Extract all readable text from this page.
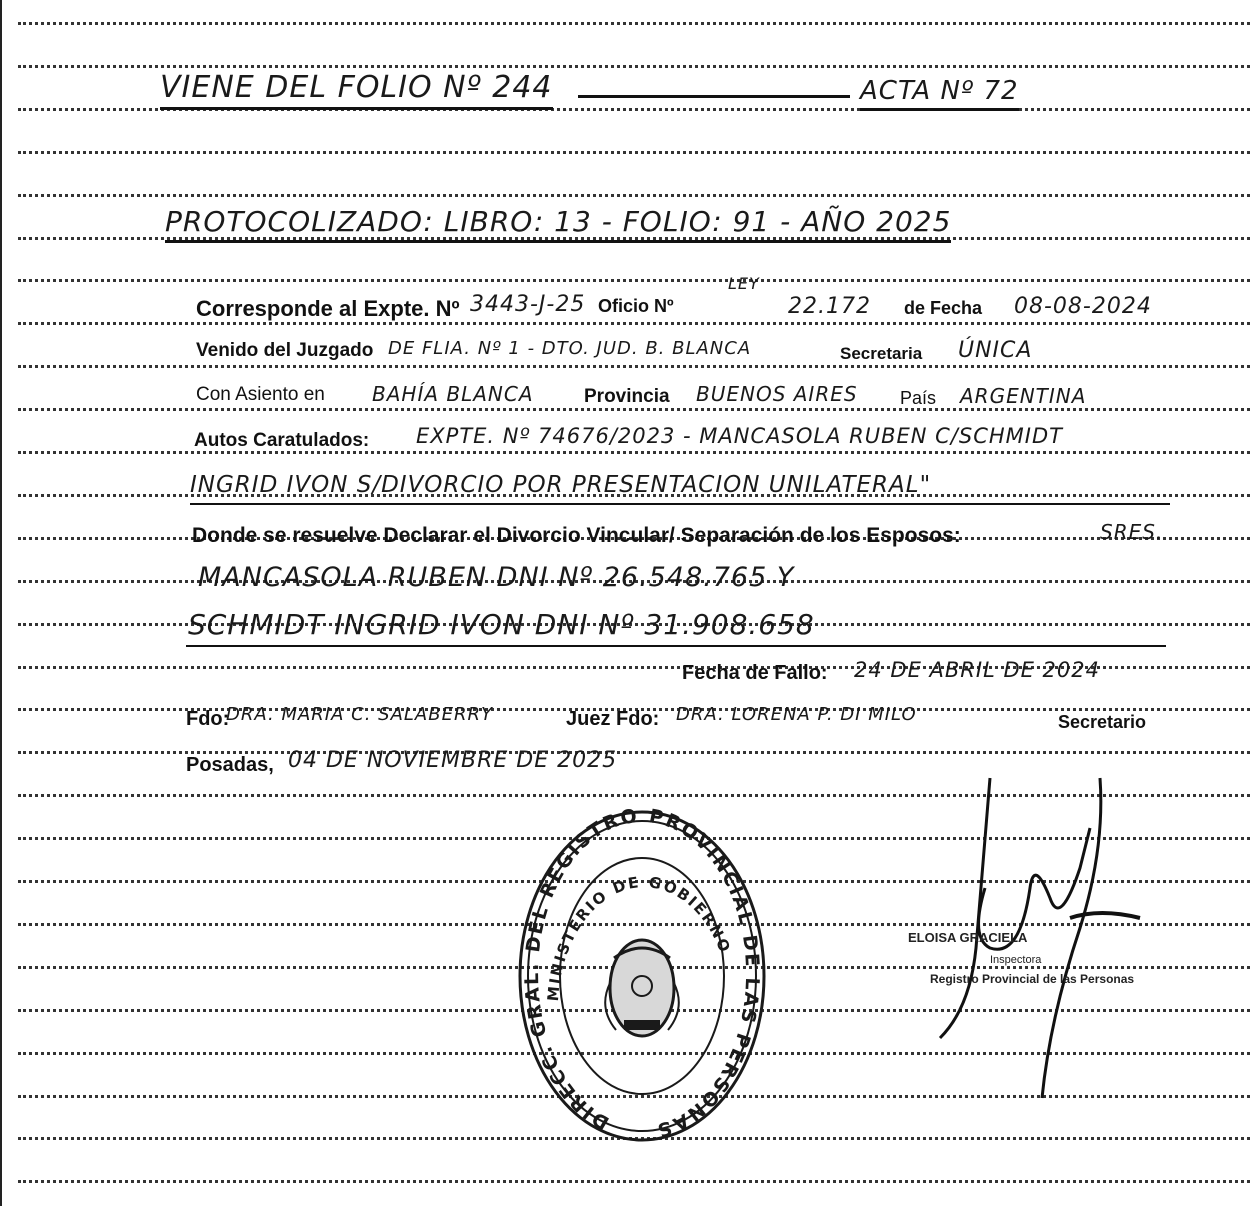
VIENE DEL FOLIO Nº 244	ACTA Nº 72
PROTOCOLIZADO: LIBRO: 13 - FOLIO: 91 - AÑO 2025
Corresponde al Expte. Nº 3443-J-25 Oficio Nº
LEY
22.172 de Fecha 08-08-2024
Venido del Juzgado DE FLIA. Nº 1 - DTO. JUD. B. BLANCA	Secretaria ÚNICA
Con Asiento en BAHÍA BLANCA	Provincia BUENOS AIRES País ARGENTINA
Autos Caratulados: EXPTE. Nº 74676/2023 - MANCASOLA RUBEN C/SCHMIDT
INGRID IVON S/DIVORCIO POR PRESENTACION UNILATERAL"
Donde se resuelve Declarar el Divorcio Vincular/ Separación de los Esposos:	SRES.
MANCASOLA RUBEN DNI Nº 26.548.765 Y
SCHMIDT INGRID IVON DNI Nº 31.908.658
Fecha de Fallo: 24 DE ABRIL DE 2024
Fdo:
DRA. MARIA C. SALABERRY	Juez Fdo: DRA. LORENA P. DI MILO	Secretario
Posadas, 04 DE NOVIEMBRE DE 2025
DIRECC. GRAL. DEL REGISTRO PROVINCIAL DE LAS PERSONAS
MINISTERIO DE GOBIERNO	ELOISA GRACIELA
Inspectora
Registro Provincial de las Personas
